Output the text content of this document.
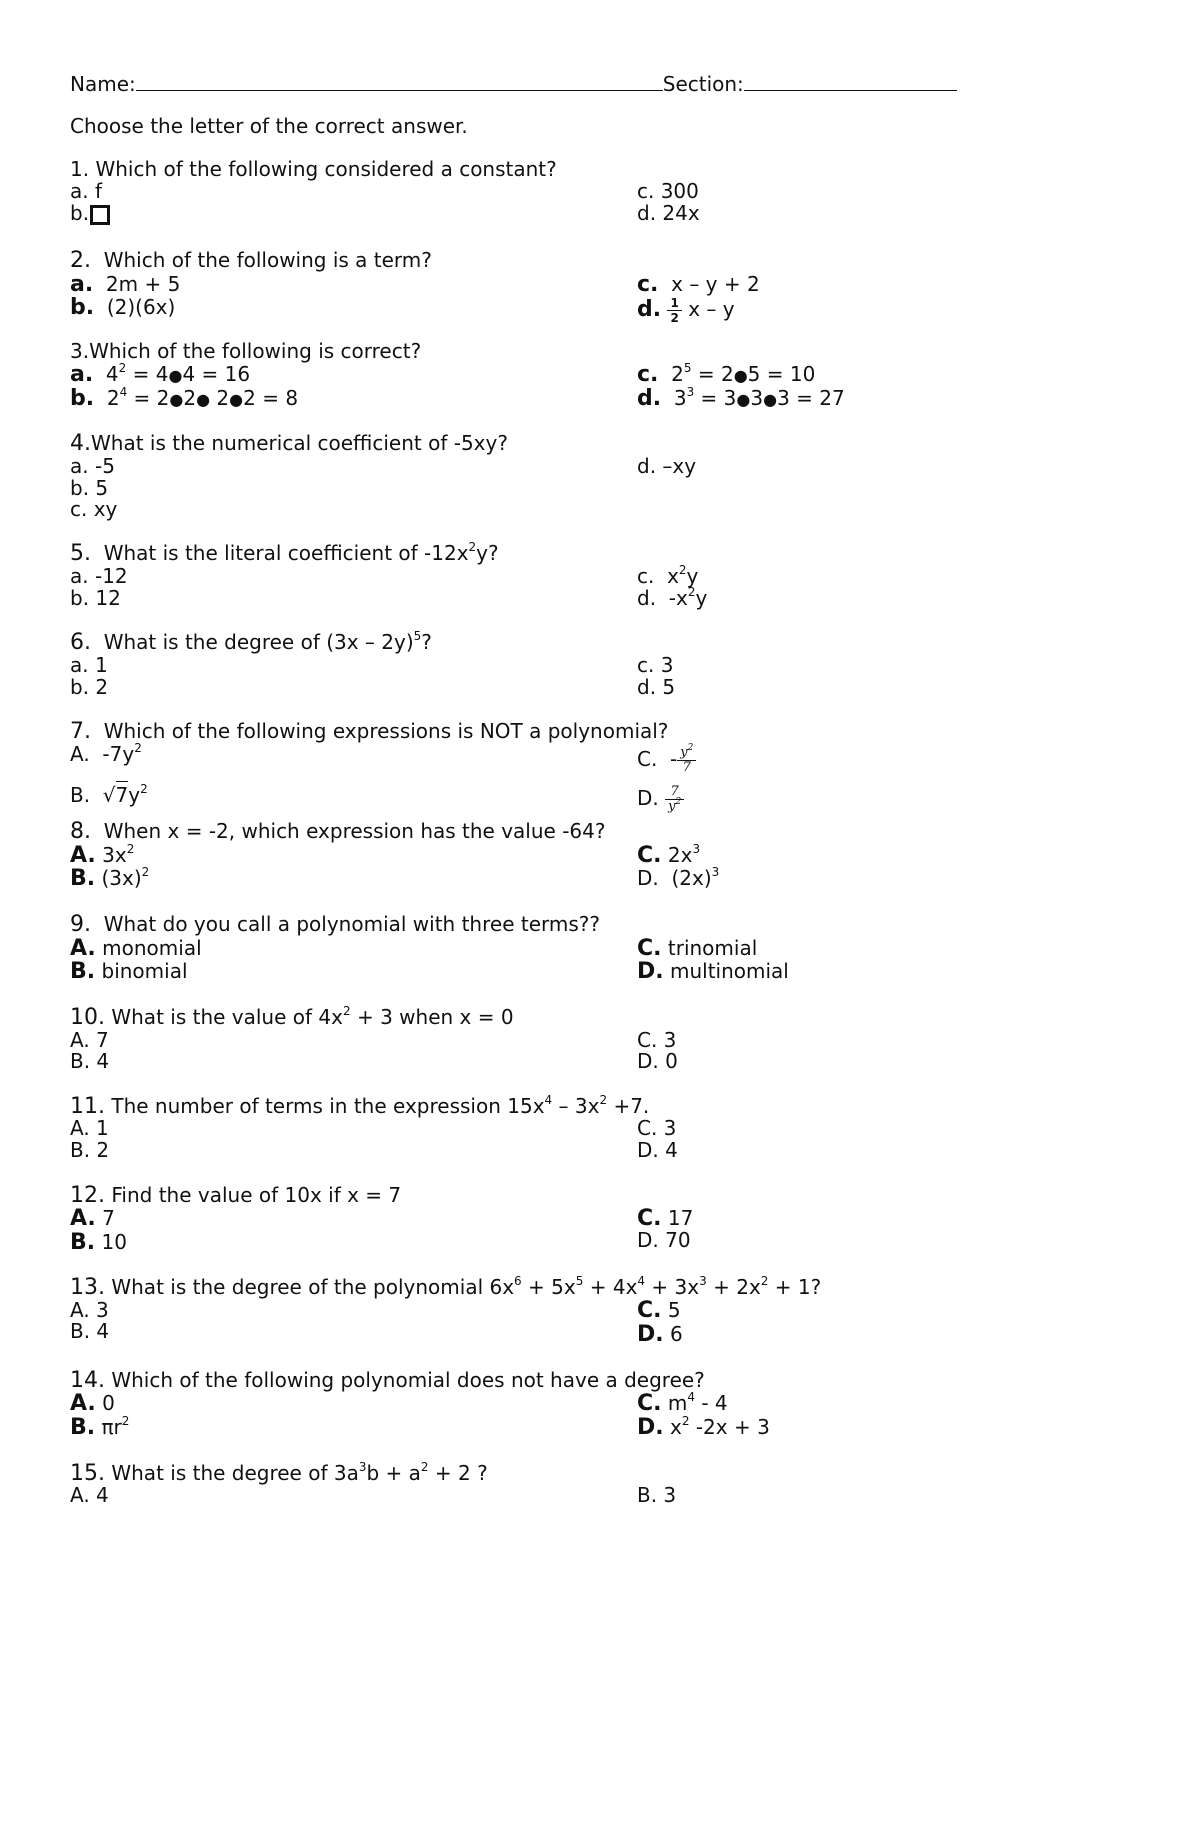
Name:	Section:
Choose the letter of the correct answer.
1. Which of the following considered a constant?
a. f	c. 300
b.	d. 24x
2. Which of the following is a term?
a. 2m + 5	c. x – y + 2
b. (2)(6x)	d. $\frac{1}{2}$ x – y
3.Which of the following is correct?
a.  $4^2$ = 4●4 = 16	c.  $2^5$ = 2●5 = 10
b.  $2^4$ = 2●2● 2●2 = 8	d.  $3^3$ = 3●3●3 = 27
4.What is the numerical coefficient of -5xy?
a. -5	d. –xy
b. 5
c. xy
5.  What is the literal coefficient of $-12x^2y$?
a. -12	c.  $x^2y$
b. 12	d.  $-x^2y$
6.  What is the degree of (3x – 2y)$^5$?
a. 1	c. 3
b. 2	d. 5
7. Which of the following expressions is NOT a polynomial?
A.  $-7y^2$	C.  - $\frac{y^2}{7}$
B.  $√7y^2$	D. $\frac{7}{y^2}$
8. When x = -2, which expression has the value -64?
A. $3x^2$	C. $2x^3$
B. $(3x)^2$	D.  $(2x)^3$
9. What do you call a polynomial with three terms??
A. monomial	C. trinomial
B. binomial	D. multinomial
10. What is the value of $4x^2 + 3$ when x = 0
A. 7	C. 3
B. 4	D. 0
11. The number of terms in the expression $15x^4 - 3x^2 +7$.
A. 1	C. 3
B. 2	D. 4
12. Find the value of 10x if x = 7
A. 7	C. 17
B. 10	D. 70
13. What is the degree of the polynomial $6x^6 + 5x^5 + 4x^4 + 3x^3 + 2x^2 + 1$?
A. 3	C. 5
B. 4	D. 6
14. Which of the following polynomial does not have a degree?
A. 0	C. $m^4 - 4$
B. $\pi r^2$	D. $x^2$ -2x + 3
15. What is the degree of $3a^3b + a^2 + 2$ ?
A. 4	B. 3
